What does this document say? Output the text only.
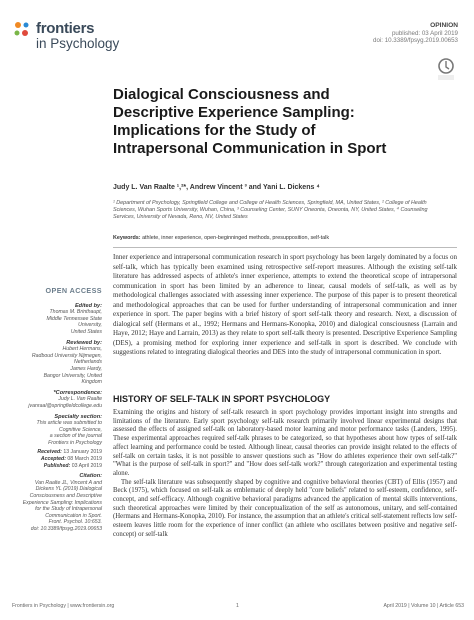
frontiers
in Psychology
OPINION
published: 03 April 2019
doi: 10.3389/fpsyg.2019.00653
Dialogical Consciousness and Descriptive Experience Sampling: Implications for the Study of Intrapersonal Communication in Sport
Judy L. Van Raalte ¹,²*, Andrew Vincent ³ and Yani L. Dickens ⁴
¹ Department of Psychology, Springfield College and College of Health Sciences, Springfield, MA, United States, ² College of Health Sciences, Wuhan Sports University, Wuhan, China, ³ Counseling Center, SUNY Oneonta, Oneonta, NY, United States, ⁴ Counseling Services, University of Nevada, Reno, NV, United States
Keywords: athlete, inner experience, open-beginninged methods, presupposition, self-talk
Inner experience and intrapersonal communication research in sport psychology has been largely dominated by a focus on self-talk, which has typically been examined using retrospective self-report measures. Although the existing self-talk literature has addressed aspects of athlete's inner experience, attempts to extend the theoretical scope of intrapersonal communication in sport has been limited by an adherence to linear, causal models of self-talk, as well as by methodological challenges associated with assessing inner experience. The purpose of this paper is to present theoretical and methodological approaches that can be used for further understanding of intrapersonal communication and inner experience in sport. The paper begins with a brief history of sport self-talk theory and research. Next, a discussion of dialogical self (Hermans et al., 1992; Hermans and Hermans-Konopka, 2010) and dialogical consciousness (Larrain and Haye, 2012; Haye and Larrain, 2013) as they relate to sport self-talk theory is presented. Descriptive Experience Sampling (DES), a promising method for exploring inner experience and self-talk in sport is described. We conclude with suggestions related to integrating dialogical theories and DES into the study of intrapersonal communication in sport.
OPEN ACCESS
Edited by:
Thomas M. Brinthaupt,
Middle Tennessee State University,
United States
Reviewed by:
Hubert Hermans,
Radboud University Nijmegen,
Netherlands
James Hardy,
Bangor University, United Kingdom
*Correspondence:
Judy L. Van Raalte
jvanraal@springfieldcollege.edu
Specialty section:
This article was submitted to
Cognitive Science,
a section of the journal
Frontiers in Psychology
Received: 13 January 2019
Accepted: 08 March 2019
Published: 03 April 2019
Citation:
Van Raalte JL, Vincent A and
Dickens YL (2019) Dialogical
Consciousness and Descriptive
Experience Sampling: Implications
for the Study of Intrapersonal
Communication in Sport.
Front. Psychol. 10:653.
doi: 10.3389/fpsyg.2019.00653
HISTORY OF SELF-TALK IN SPORT PSYCHOLOGY

Examining the origins and history of self-talk research in sport psychology provides important insight into strengths and limitations of the literature. Early sport psychology self-talk research primarily involved linear experimental designs that assessed the effects of assigned self-talk on laboratory-based motor learning and motor performance tasks (Landers, 1995). These experimental approaches required self-talk phrases to be categorized, so that hypotheses about how types of self-talk affect learning and performance could be tested. Although linear, causal theories can provide insight related to the effects of self-talk on certain tasks, it is not possible to answer questions such as "How do athletes experience their own self-talk?" "What is the purpose of self-talk in sport?" and "How does self-talk work?" through categorization and experimental testing alone.

The self-talk literature was subsequently shaped by cognitive and cognitive behavioral theories (CBT) of Ellis (1957) and Beck (1975), which focused on self-talk as emblematic of deeply held "core beliefs" related to self-esteem, confidence, self-concept, and self-efficacy. Although cognitive behavioral paradigms advanced the application of mental skills interventions, such theoretical approaches were limited by their conceptualization of the self as autonomous, unitary, and self-contained (Hermans and Hermans-Konopka, 2010). For instance, the assumption that an athlete's critical self-statement reflects low self-esteem leaves little room for the experience of inner conflict (an athlete who oscillates between positive and negative self-concept) or self-talk

Frontiers in Psychology | www.frontiersin.org	1	April 2019 | Volume 10 | Article 653
